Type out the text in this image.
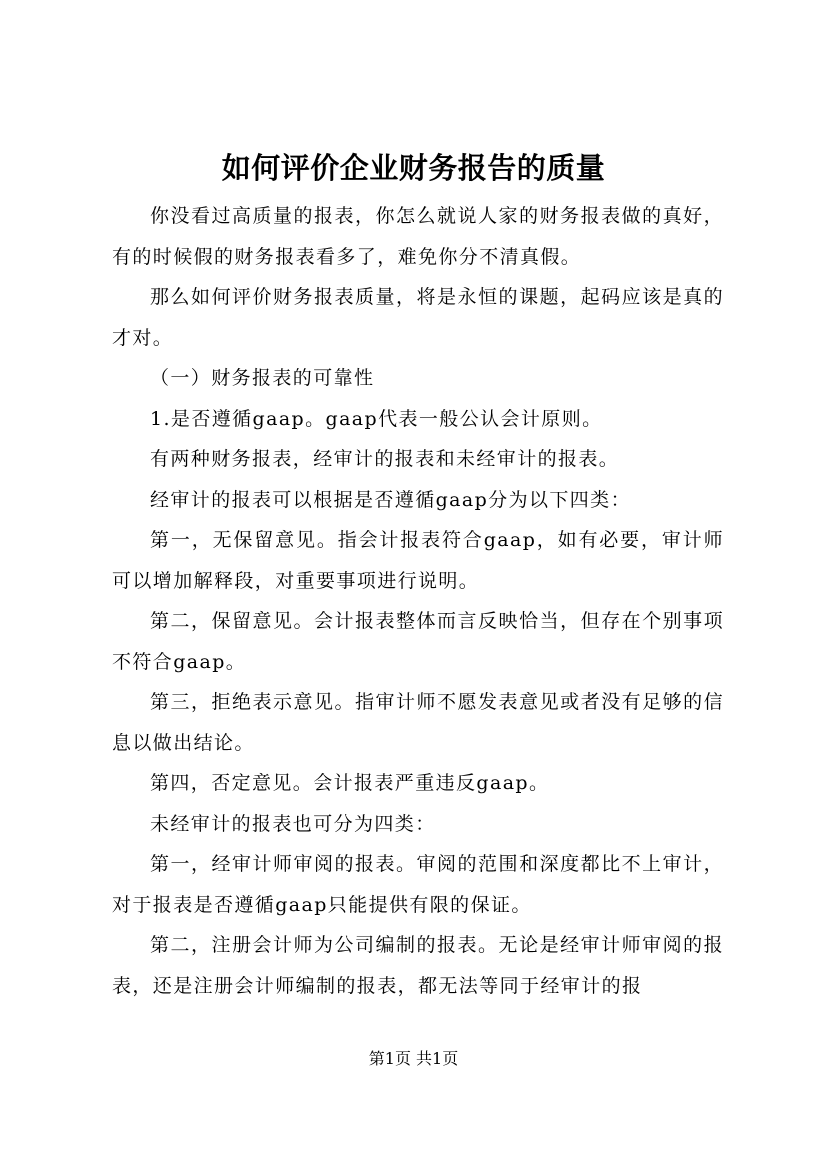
如何评价企业财务报告的质量

你没看过高质量的报表，你怎么就说人家的财务报表做的真好，有的时候假的财务报表看多了，难免你分不清真假。

那么如何评价财务报表质量，将是永恒的课题，起码应该是真的才对。

（一）财务报表的可靠性

1.是否遵循gaap。gaap代表一般公认会计原则。

有两种财务报表，经审计的报表和未经审计的报表。

经审计的报表可以根据是否遵循gaap分为以下四类：

第一，无保留意见。指会计报表符合gaap，如有必要，审计师可以增加解释段，对重要事项进行说明。

第二，保留意见。会计报表整体而言反映恰当，但存在个别事项不符合gaap。

第三，拒绝表示意见。指审计师不愿发表意见或者没有足够的信息以做出结论。

第四，否定意见。会计报表严重违反gaap。

未经审计的报表也可分为四类：

第一，经审计师审阅的报表。审阅的范围和深度都比不上审计，对于报表是否遵循gaap只能提供有限的保证。

第二，注册会计师为公司编制的报表。无论是经审计师审阅的报表，还是注册会计师编制的报表，都无法等同于经审计的报

第1页 共1页
